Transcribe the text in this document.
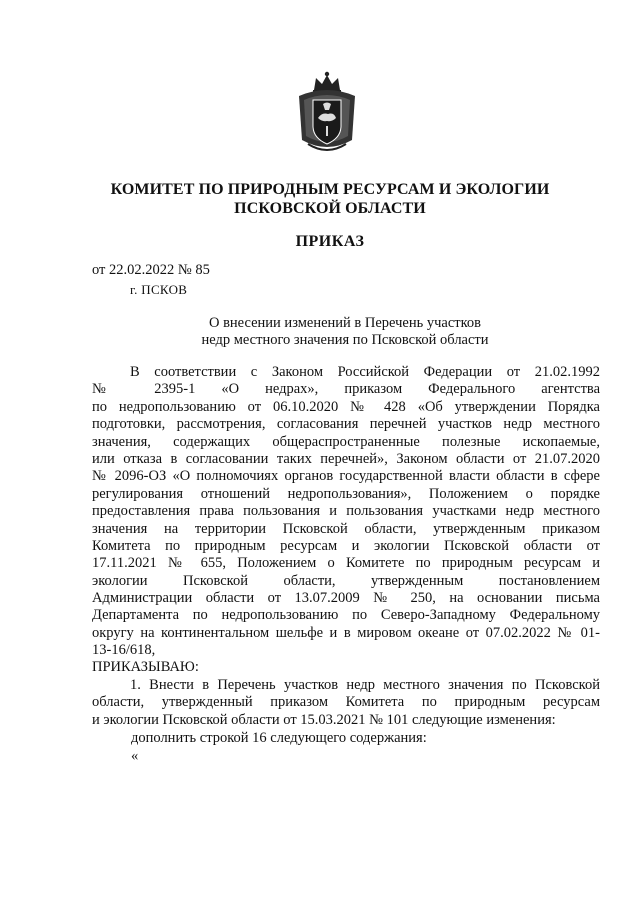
КОМИТЕТ ПО ПРИРОДНЫМ РЕСУРСАМ И ЭКОЛОГИИ
ПСКОВСКОЙ ОБЛАСТИ
ПРИКАЗ
от 22.02.2022 № 85
г. ПСКОВ
О внесении изменений в Перечень участков
недр местного значения по Псковской области
В соответствии с Законом Российской Федерации от 21.02.1992
№ 2395-1 «О недрах», приказом Федерального агентства
по недропользованию от 06.10.2020 № 428 «Об утверждении Порядка
подготовки, рассмотрения, согласования перечней участков недр местного
значения, содержащих общераспространенные полезные ископаемые,
или отказа в согласовании таких перечней», Законом области от 21.07.2020
№ 2096-ОЗ «О полномочиях органов государственной власти области в сфере
регулирования отношений недропользования», Положением о порядке
предоставления права пользования и пользования участками недр местного
значения на территории Псковской области, утвержденным приказом
Комитета по природным ресурсам и экологии Псковской области от
17.11.2021 № 655, Положением о Комитете по природным ресурсам и
экологии Псковской области, утвержденным постановлением
Администрации области от 13.07.2009 № 250, на основании письма
Департамента по недропользованию по Северо-Западному Федеральному
округу на континентальном шельфе и в мировом океане от 07.02.2022 № 01-
13-16/618,
ПРИКАЗЫВАЮ:
1. Внести в Перечень участков недр местного значения по Псковской
области, утвержденный приказом Комитета по природным ресурсам
и экологии Псковской области от 15.03.2021 № 101 следующие изменения:
дополнить строкой 16 следующего содержания:
«
